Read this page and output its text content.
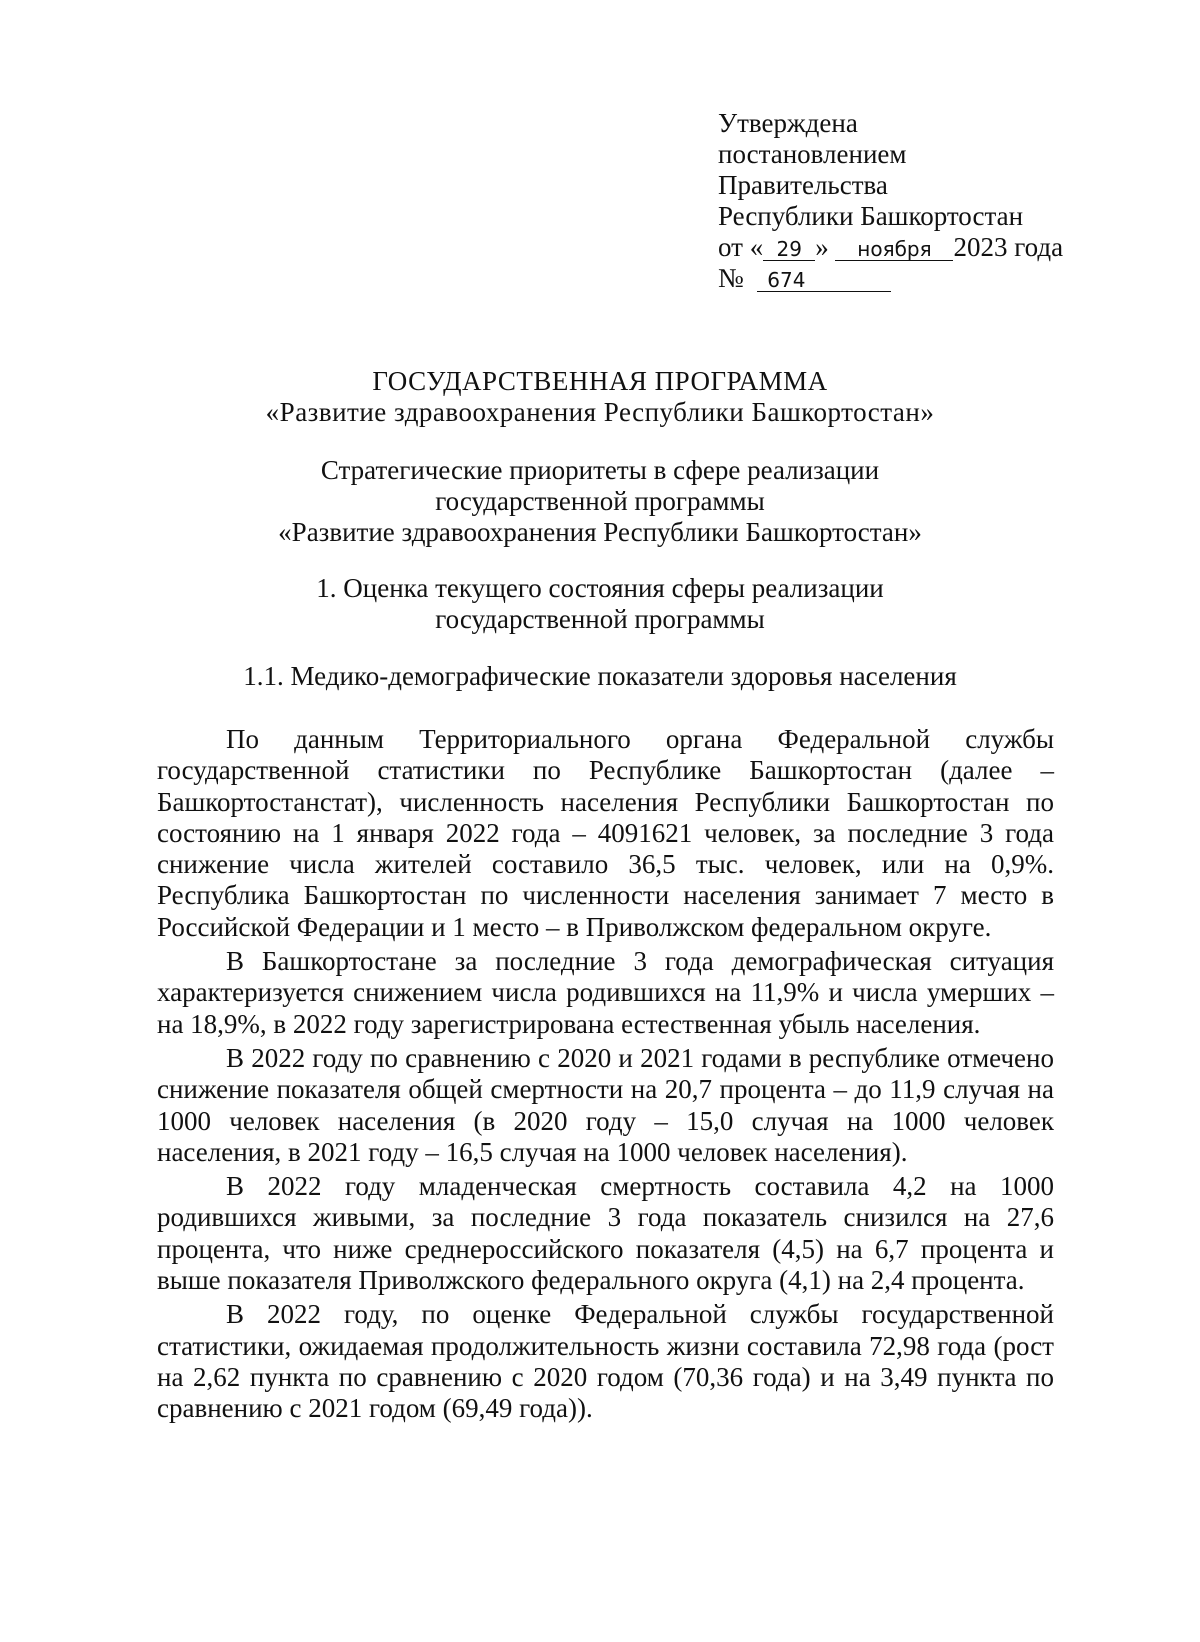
Утверждена
постановлением
Правительства
Республики Башкортостан
от « 29 » ноября 2023 года
№ 674
ГОСУДАРСТВЕННАЯ ПРОГРАММА
«Развитие здравоохранения Республики Башкортостан»
Стратегические приоритеты в сфере реализации
государственной программы
«Развитие здравоохранения Республики Башкортостан»
1. Оценка текущего состояния сферы реализации
государственной программы
1.1. Медико-демографические показатели здоровья населения

По данным Территориального органа Федеральной службы государственной статистики по Республике Башкортостан (далее – Башкортостанстат), численность населения Республики Башкортостан по состоянию на 1 января 2022 года – 4091621 человек, за последние 3 года снижение числа жителей составило 36,5 тыс. человек, или на 0,9%. Республика Башкортостан по численности населения занимает 7 место в Российской Федерации и 1 место – в Приволжском федеральном округе.

В Башкортостане за последние 3 года демографическая ситуация характеризуется снижением числа родившихся на 11,9% и числа умерших – на 18,9%, в 2022 году зарегистрирована естественная убыль населения.

В 2022 году по сравнению с 2020 и 2021 годами в республике отмечено снижение показателя общей смертности на 20,7 процента – до 11,9 случая на 1000 человек населения (в 2020 году – 15,0 случая на 1000 человек населения, в 2021 году – 16,5 случая на 1000 человек населения).

В 2022 году младенческая смертность составила 4,2 на 1000 родившихся живыми, за последние 3 года показатель снизился на 27,6 процента, что ниже среднероссийского показателя (4,5) на 6,7 процента и выше показателя Приволжского федерального округа (4,1) на 2,4 процента.

В 2022 году, по оценке Федеральной службы государственной статистики, ожидаемая продолжительность жизни составила 72,98 года (рост на 2,62 пункта по сравнению с 2020 годом (70,36 года) и на 3,49 пункта по сравнению с 2021 годом (69,49 года)).
